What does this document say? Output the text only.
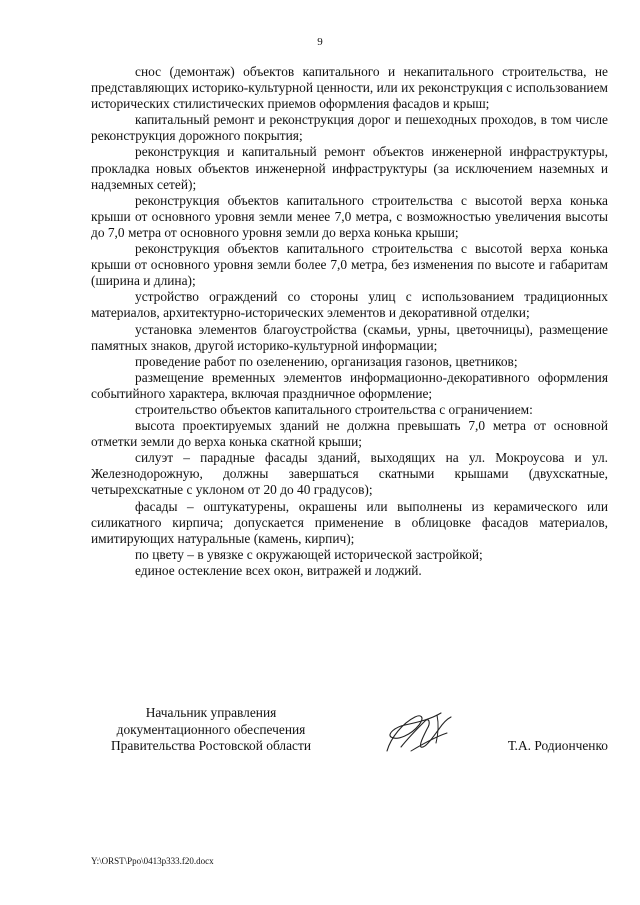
9

снос (демонтаж) объектов капитального и некапитального строительства, не представляющих историко-культурной ценности, или их реконструкция с использованием исторических стилистических приемов оформления фасадов и крыш;

капитальный ремонт и реконструкция дорог и пешеходных проходов, в том числе реконструкция дорожного покрытия;

реконструкция и капитальный ремонт объектов инженерной инфраструктуры, прокладка новых объектов инженерной инфраструктуры (за исключением наземных и надземных сетей);

реконструкция объектов капитального строительства с высотой верха конька крыши от основного уровня земли менее 7,0 метра, с возможностью увеличения высоты до 7,0 метра от основного уровня земли до верха конька крыши;

реконструкция объектов капитального строительства с высотой верха конька крыши от основного уровня земли более 7,0 метра, без изменения по высоте и габаритам (ширина и длина);

устройство ограждений со стороны улиц с использованием традиционных материалов, архитектурно-исторических элементов и декоративной отделки;

установка элементов благоустройства (скамьи, урны, цветочницы), размещение памятных знаков, другой историко-культурной информации;

проведение работ по озеленению, организация газонов, цветников;

размещение временных элементов информационно-декоративного оформления событийного характера, включая праздничное оформление;

строительство объектов капитального строительства с ограничением:

высота проектируемых зданий не должна превышать 7,0 метра от основной отметки земли до верха конька скатной крыши;

силуэт – парадные фасады зданий, выходящих на ул. Мокроусова и ул. Железнодорожную, должны завершаться скатными крышами (двухскатные, четырехскатные с уклоном от 20 до 40 градусов);

фасады – оштукатурены, окрашены или выполнены из керамического или силикатного кирпича; допускается применение в облицовке фасадов материалов, имитирующих натуральные (камень, кирпич);

по цвету – в увязке с окружающей исторической застройкой;

единое остекление всех окон, витражей и лоджий.

Начальник управления
документационного обеспечения
Правительства Ростовской области	Т.А. Родионченко
Y:\ORST\Ppo\0413p333.f20.docx
